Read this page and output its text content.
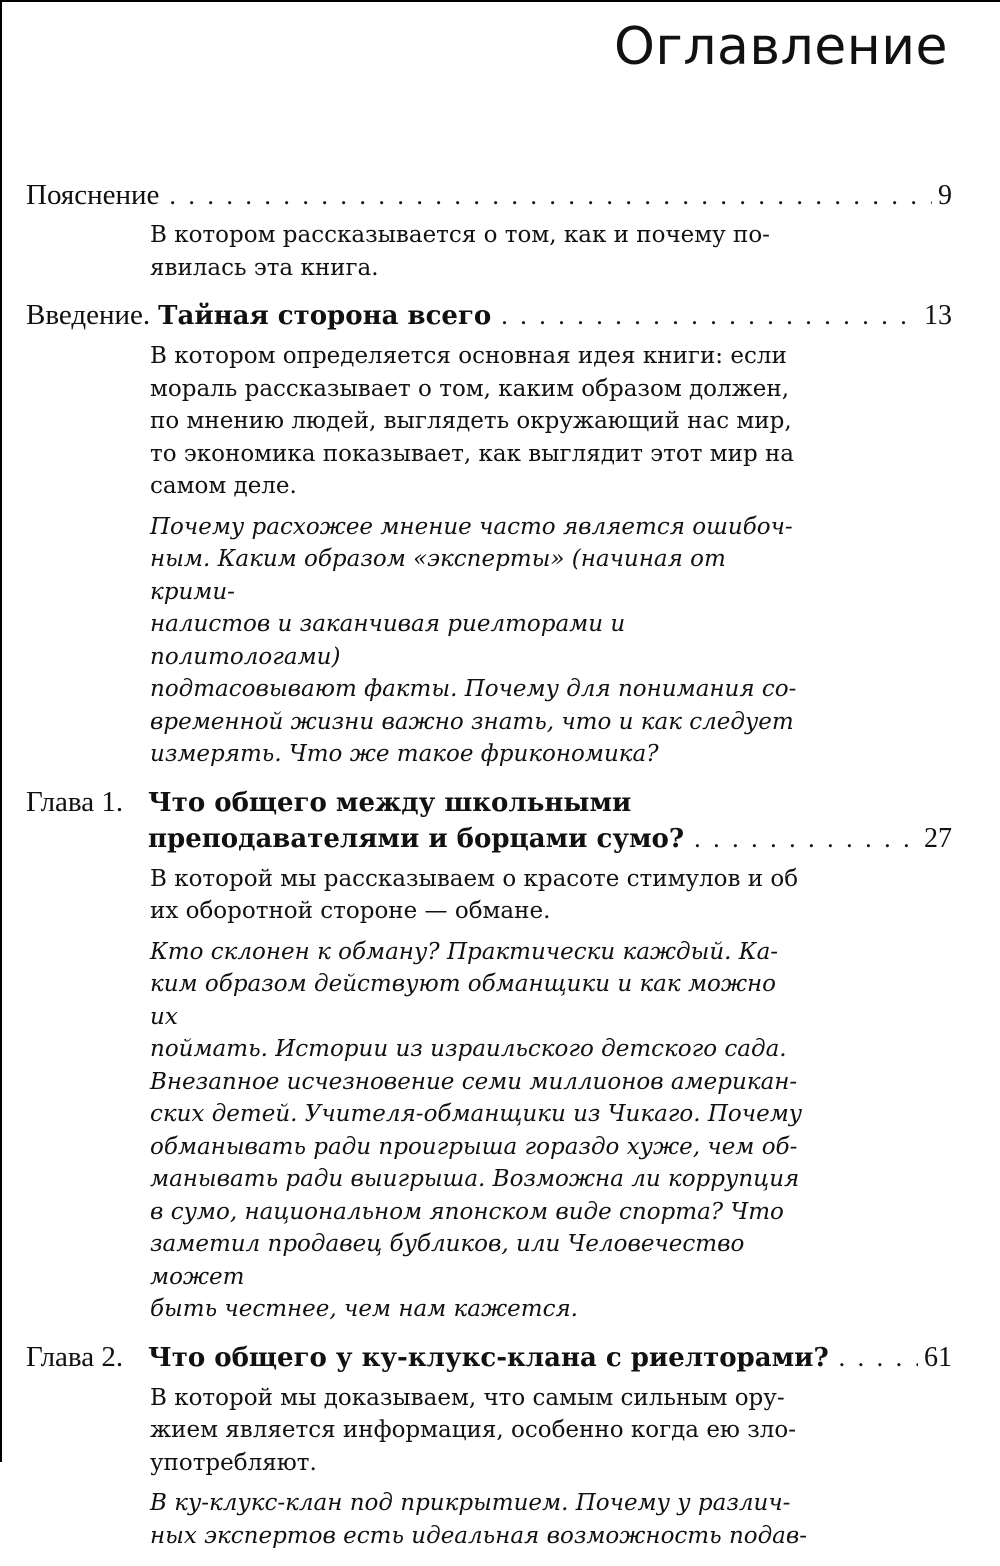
Оглавление
Пояснение . . .	9
В котором рассказывается о том, как и почему по-
явилась эта книга.
Введение. Тайная сторона всего . . .	13
В котором определяется основная идея книги: если
мораль рассказывает о том, каким образом должен,
по мнению людей, выглядеть окружающий нас мир,
то экономика показывает, как выглядит этот мир на
самом деле.
Почему расхожее мнение часто является ошибоч-
ным. Каким образом «эксперты» (начиная от крими-
налистов и заканчивая риелторами и политологами)
подтасовывают факты. Почему для понимания со-
временной жизни важно знать, что и как следует
измерять. Что же такое фрикономика?
Глава 1. Что общего между школьными
преподавателями и борцами сумо? . . .	27
В которой мы рассказываем о красоте стимулов и об
их оборотной стороне — обмане.
Кто склонен к обману? Практически каждый. Ка-
ким образом действуют обманщики и как можно их
поймать. Истории из израильского детского сада.
Внезапное исчезновение семи миллионов америкaн-
ских детей. Учителя-обманщики из Чикаго. Почему
обманывать ради проигрыша гораздо хуже, чем об-
манывать ради выигрыша. Возможна ли коррупция
в сумо, национальном японском виде спорта? Что
заметил продавец бубликов, или Человечество может
быть честнее, чем нам кажется.
Глава 2. Что общего у ку-клукс-клана с риелторами? . . .	61
В которой мы доказываем, что самым сильным ору-
жием является информация, особенно когда ею зло-
употребляют.
В ку-клукс-клан под прикрытием. Почему у различ-
ных экспертов есть идеальная возможность подав-
